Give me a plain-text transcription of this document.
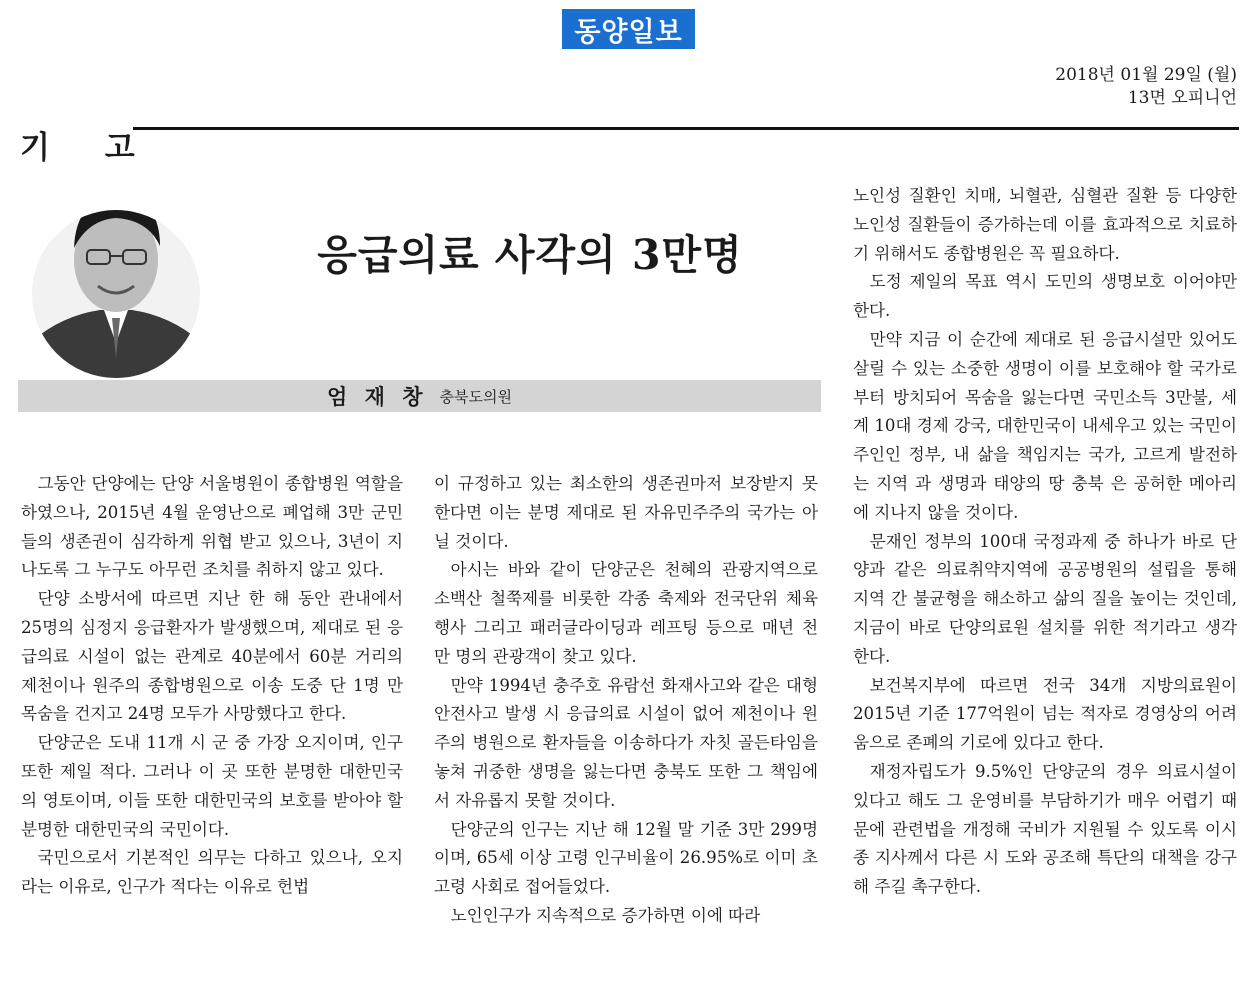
동양일보
2018년 01월 29일 (월)
13면 오피니언
기 고
응급의료 사각의 3만명
엄 재 창 충북도의원

그동안 단양에는 단양 서울병원이 종합병원 역할을 하였으나, 2015년 4월 운영난으로 폐업해 3만 군민들의 생존권이 심각하게 위협 받고 있으나, 3년이 지나도록 그 누구도 아무런 조치를 취하지 않고 있다.

단양 소방서에 따르면 지난 한 해 동안 관내에서 25명의 심정지 응급환자가 발생했으며, 제대로 된 응급의료 시설이 없는 관계로 40분에서 60분 거리의 제천이나 원주의 종합병원으로 이송 도중 단 1명 만 목숨을 건지고 24명 모두가 사망했다고 한다.

단양군은 도내 11개 시 군 중 가장 오지이며, 인구 또한 제일 적다. 그러나 이 곳 또한 분명한 대한민국의 영토이며, 이들 또한 대한민국의 보호를 받아야 할 분명한 대한민국의 국민이다.

국민으로서 기본적인 의무는 다하고 있으나, 오지라는 이유로, 인구가 적다는 이유로 헌법

이 규정하고 있는 최소한의 생존권마저 보장받지 못한다면 이는 분명 제대로 된 자유민주주의 국가는 아닐 것이다.

아시는 바와 같이 단양군은 천혜의 관광지역으로 소백산 철쭉제를 비롯한 각종 축제와 전국단위 체육행사 그리고 패러글라이딩과 레프팅 등으로 매년 천만 명의 관광객이 찾고 있다.

만약 1994년 충주호 유람선 화재사고와 같은 대형 안전사고 발생 시 응급의료 시설이 없어 제천이나 원주의 병원으로 환자들을 이송하다가 자칫 골든타임을 놓쳐 귀중한 생명을 잃는다면 충북도 또한 그 책임에서 자유롭지 못할 것이다.

단양군의 인구는 지난 해 12월 말 기준 3만 299명이며, 65세 이상 고령 인구비율이 26.95%로 이미 초고령 사회로 접어들었다.

노인인구가 지속적으로 증가하면 이에 따라

노인성 질환인 치매, 뇌혈관, 심혈관 질환 등 다양한 노인성 질환들이 증가하는데 이를 효과적으로 치료하기 위해서도 종합병원은 꼭 필요하다.

도정 제일의 목표 역시 도민의 생명보호 이어야만 한다.

만약 지금 이 순간에 제대로 된 응급시설만 있어도 살릴 수 있는 소중한 생명이 이를 보호해야 할 국가로부터 방치되어 목숨을 잃는다면 국민소득 3만불, 세계 10대 경제 강국, 대한민국이 내세우고 있는 국민이 주인인 정부, 내 삶을 책임지는 국가, 고르게 발전하는 지역 과 생명과 태양의 땅 충북 은 공허한 메아리에 지나지 않을 것이다.

문재인 정부의 100대 국정과제 중 하나가 바로 단양과 같은 의료취약지역에 공공병원의 설립을 통해 지역 간 불균형을 해소하고 삶의 질을 높이는 것인데, 지금이 바로 단양의료원 설치를 위한 적기라고 생각한다.

보건복지부에 따르면 전국 34개 지방의료원이 2015년 기준 177억원이 넘는 적자로 경영상의 어려움으로 존폐의 기로에 있다고 한다.

재정자립도가 9.5%인 단양군의 경우 의료시설이 있다고 해도 그 운영비를 부담하기가 매우 어렵기 때문에 관련법을 개정해 국비가 지원될 수 있도록 이시종 지사께서 다른 시 도와 공조해 특단의 대책을 강구해 주길 촉구한다.
